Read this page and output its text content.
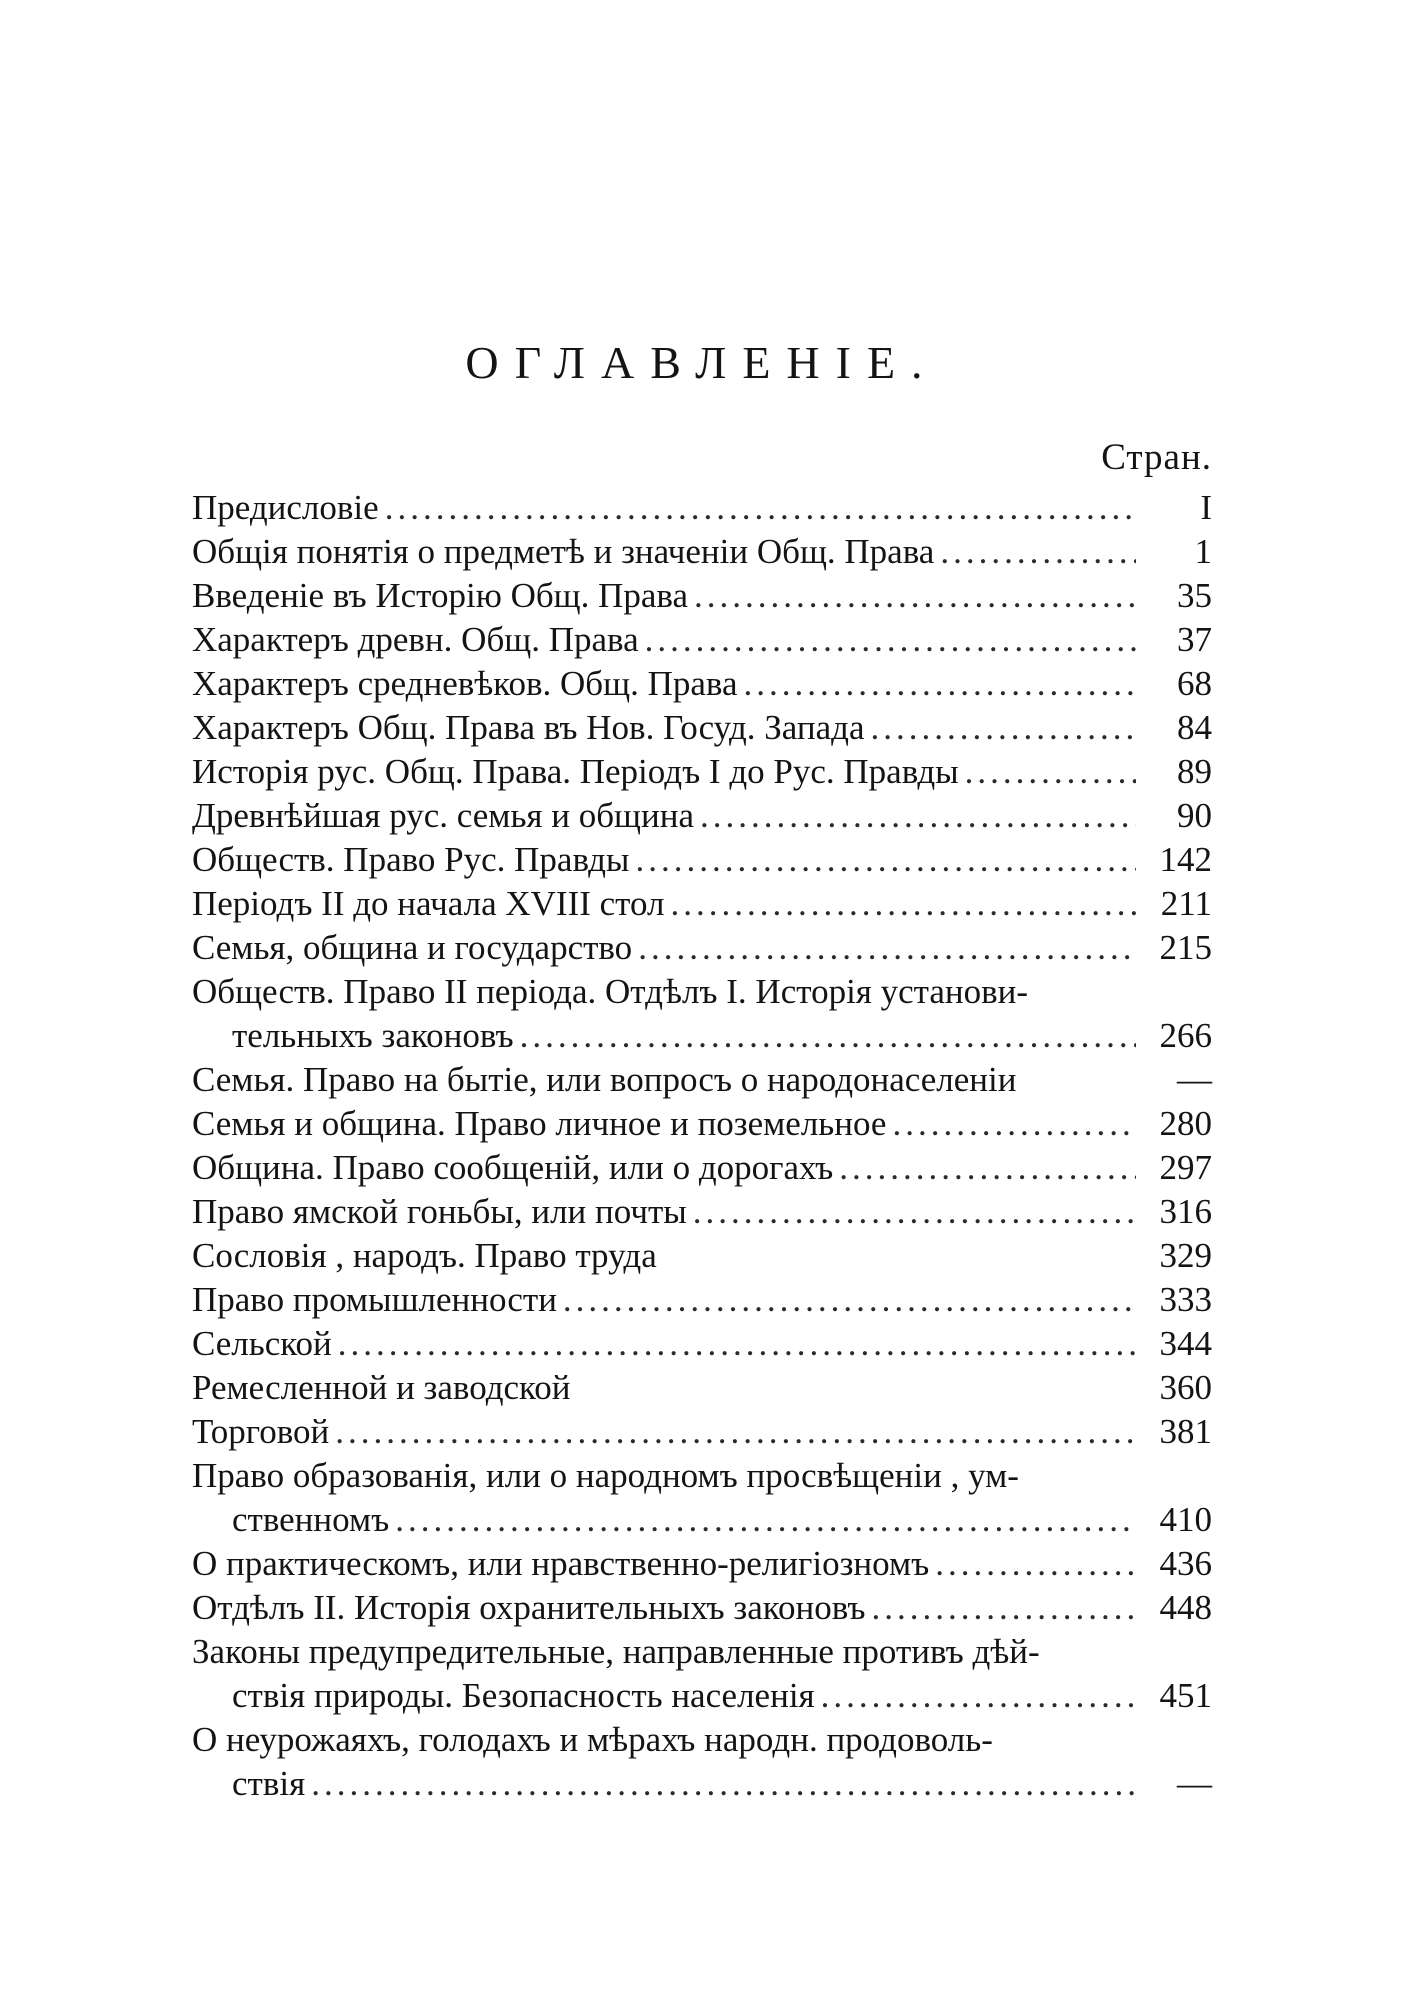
ОГЛАВЛЕНІЕ.
Стран.
Предисловіе .....	I
Общія понятія о предметѣ и значеніи Общ. Права .....	1
Введеніе въ Исторію Общ. Права .....	35
Характеръ древн. Общ. Права .....	37
Характеръ средневѣков. Общ. Права .....	68
Характеръ Общ. Права въ Нов. Госуд. Запада .....	84
Исторія рус. Общ. Права. Періодъ I до Рус. Правды .....	89
Древнѣйшая рус. семья и община .....	90
Обществ. Право Рус. Правды .....	142
Періодъ II до начала XVIII стол .....	211
Семья, община и государство .....	215
Обществ. Право II періода. Отдѣлъ I. Исторія установи-
тельныхъ законовъ .....	266
Семья. Право на бытіе, или вопросъ о народонаселеніи	—
Семья и община. Право личное и поземельное .....	280
Община. Право сообщеній, или о дорогахъ .....	297
Право ямской гоньбы, или почты .....	316
Сословія , народъ. Право труда	329
Право промышленности .....	333
Сельской .....	344
Ремесленной и заводской	360
Торговой .....	381
Право образованія, или о народномъ просвѣщеніи , ум-
ственномъ .....	410
О практическомъ, или нравственно-религіозномъ .....	436
Отдѣлъ II. Исторія охранительныхъ законовъ .....	448
Законы предупредительные, направленные противъ дѣй-
ствія природы. Безопасность населенія .....	451
О неурожаяхъ, голодахъ и мѣрахъ народн. продоволь-
ствія .....	—
